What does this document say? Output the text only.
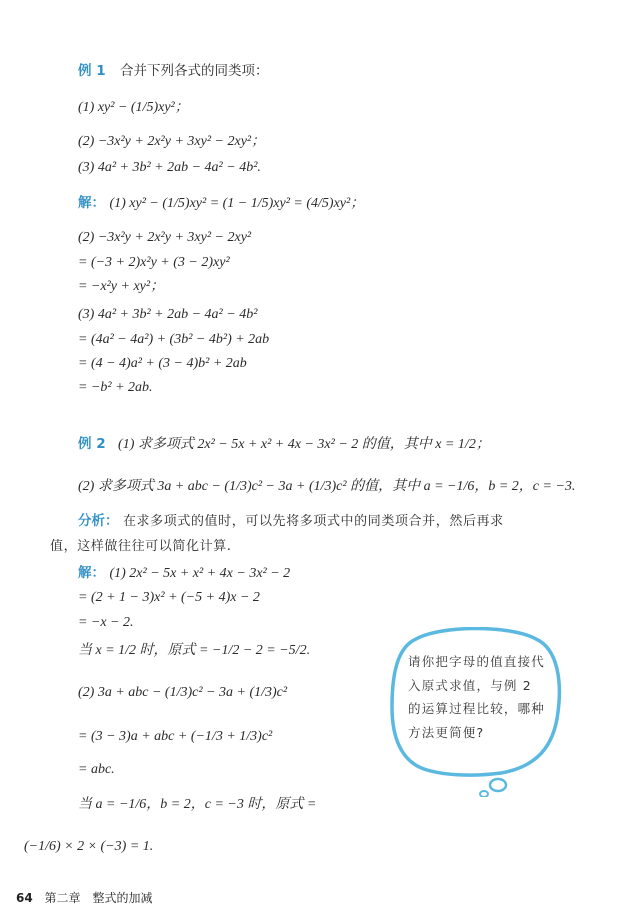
例 1 合并下列各式的同类项：
(1) xy² − (1/5)xy²；
(2) −3x²y + 2x²y + 3xy² − 2xy²；
(3) 4a² + 3b² + 2ab − 4a² − 4b².
解： (1) xy² − (1/5)xy² = (1 − 1/5)xy² = (4/5)xy²；
(2) −3x²y + 2x²y + 3xy² − 2xy²
= (−3 + 2)x²y + (3 − 2)xy²
= −x²y + xy²；
(3) 4a² + 3b² + 2ab − 4a² − 4b²
= (4a² − 4a²) + (3b² − 4b²) + 2ab
= (4 − 4)a² + (3 − 4)b² + 2ab
= −b² + 2ab.
例 2 (1) 求多项式 2x² − 5x + x² + 4x − 3x² − 2 的值，其中 x = 1/2；
(2) 求多项式 3a + abc − (1/3)c² − 3a + (1/3)c² 的值，其中 a = −1/6，b = 2，c = −3.
分析： 在求多项式的值时，可以先将多项式中的同类项合并，然后再求
值，这样做往往可以简化计算.
解： (1) 2x² − 5x + x² + 4x − 3x² − 2
= (2 + 1 − 3)x² + (−5 + 4)x − 2
= −x − 2.
当 x = 1/2 时，原式 = −1/2 − 2 = −5/2.
(2) 3a + abc − (1/3)c² − 3a + (1/3)c²
= (3 − 3)a + abc + (−1/3 + 1/3)c²
= abc.
当 a = −1/6，b = 2，c = −3 时，原式 =
(−1/6) × 2 × (−3) = 1.
请你把字母的值直接代入原式求值，与例 2 的运算过程比较，哪种方法更简便?
64 第二章　整式的加减
